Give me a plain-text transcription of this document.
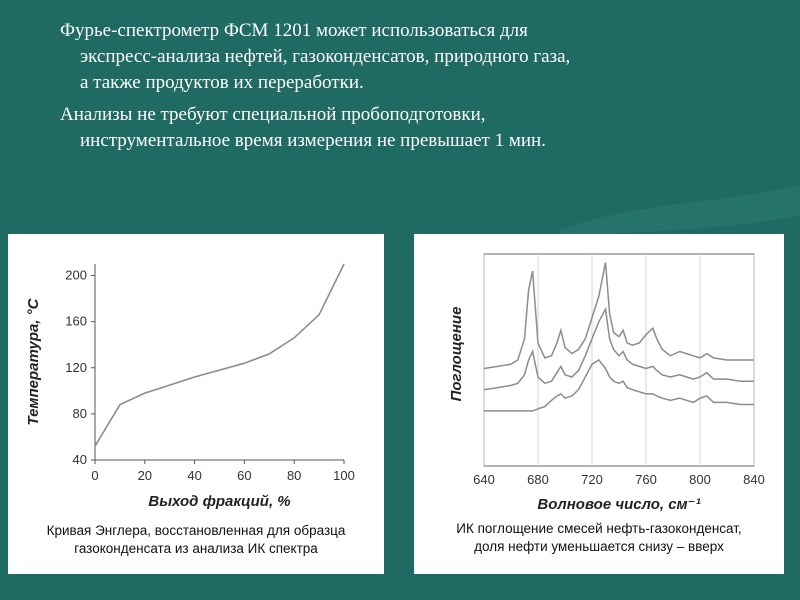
Фурье-спектрометр ФСМ 1201 может использоваться для
экспресс-анализа нефтей, газоконденсатов, природного газа,
а также продуктов их переработки.
Анализы не требуют специальной пробоподготовки,
инструментальное время измерения не превышает 1 мин.
0	20	40	60	80 100
40
80
120
160
200
Выход фракций, %
Температура, °С
Кривая Энглера, восстановленная для образца
газоконденсата из анализа ИК спектра
640 680 720 760 800 840
Волновое число, см⁻¹
Поглощение
ИК поглощение смесей нефть-газоконденсат,
доля нефти уменьшается снизу – вверх
